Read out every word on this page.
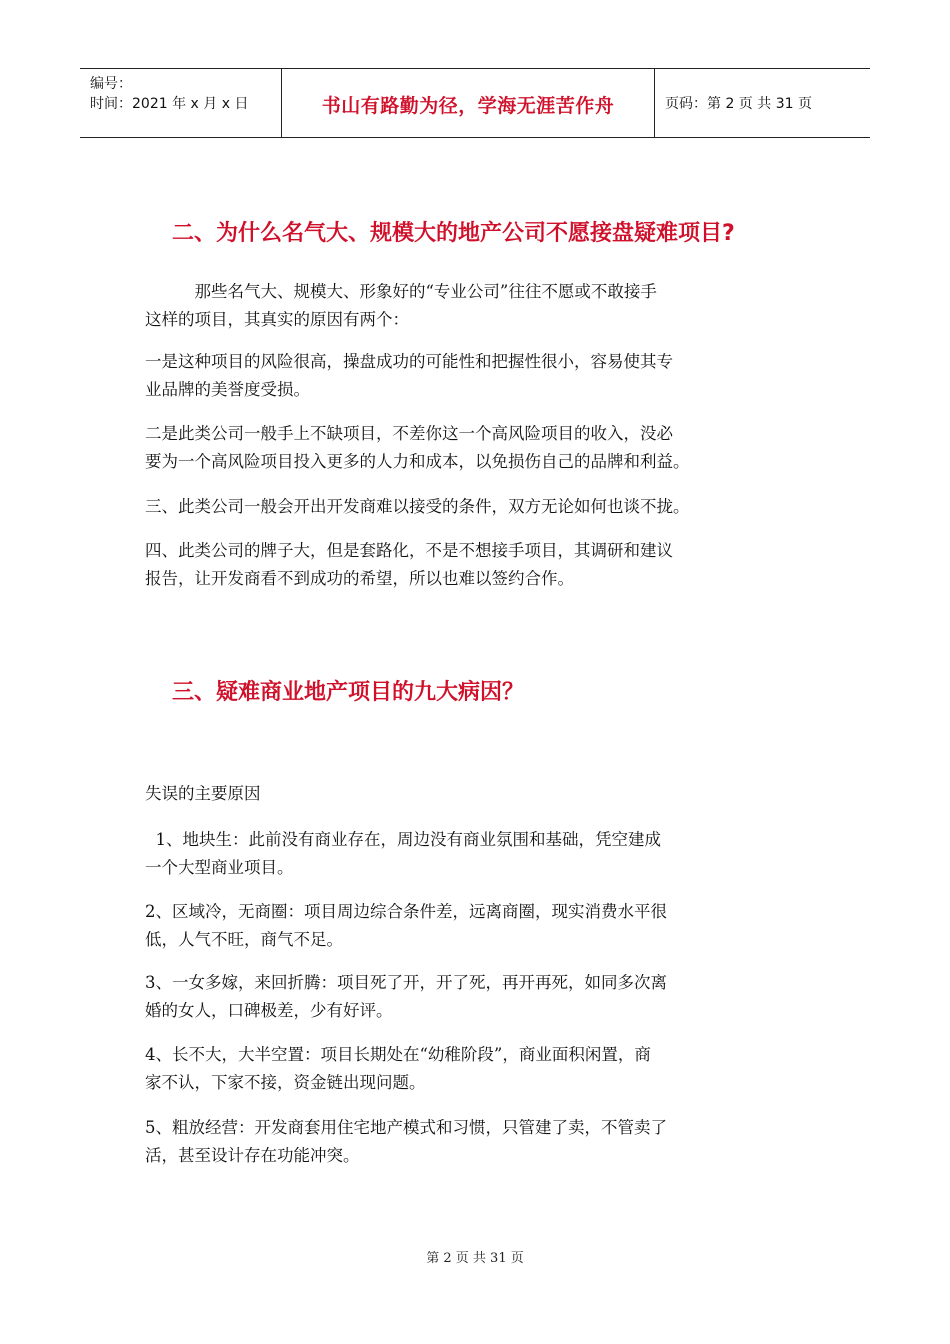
编号：
时间：2021 年 x 月 x 日	书山有路勤为径，学海无涯苦作舟	页码：第 2 页 共 31 页
二、为什么名气大、规模大的地产公司不愿接盘疑难项目?

　　　那些名气大、规模大、形象好的“专业公司”往往不愿或不敢接手

这样的项目，其真实的原因有两个：

一是这种项目的风险很高，操盘成功的可能性和把握性很小，容易使其专

业品牌的美誉度受损。

二是此类公司一般手上不缺项目，不差你这一个高风险项目的收入，没必

要为一个高风险项目投入更多的人力和成本，以免损伤自己的品牌和利益。

三、此类公司一般会开出开发商难以接受的条件，双方无论如何也谈不拢。

四、此类公司的牌子大，但是套路化，不是不想接手项目，其调研和建议

报告，让开发商看不到成功的希望，所以也难以签约合作。

三、疑难商业地产项目的九大病因？

失误的主要原因

1、地块生：此前没有商业存在，周边没有商业氛围和基础，凭空建成

一个大型商业项目。

2、区域冷，无商圈：项目周边综合条件差，远离商圈，现实消费水平很

低，人气不旺，商气不足。

3、一女多嫁，来回折腾：项目死了开，开了死，再开再死，如同多次离

婚的女人，口碑极差，少有好评。

4、长不大，大半空置：项目长期处在“幼稚阶段”，商业面积闲置，商

家不认，下家不接，资金链出现问题。

5、粗放经营：开发商套用住宅地产模式和习惯，只管建了卖，不管卖了

活，甚至设计存在功能冲突。

第 2 页 共 31 页
